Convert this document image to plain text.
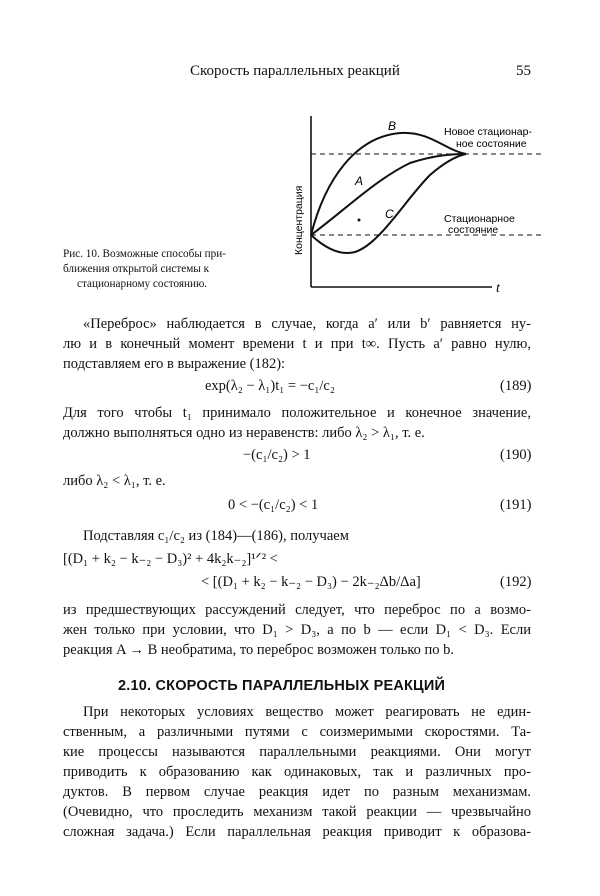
Скорость параллельных реакций	55
Рис. 10. Возможные способы при-
ближения открытой системы к
стационарному состоянию.
B
A
C
Новое стационар-
ное состояние
Стационарное
состояние
Концентрация
t
«Переброс» наблюдается в случае, когда a′ или b′ равняется ну-
лю и в конечный момент времени t и при t∞. Пусть a′ равно нулю,
подставляем его в выражение (182):
exp(λ₂ − λ₁)t₁ = −c₁/c₂	(189)
Для того чтобы t₁ принимало положительное и конечное значение,
должно выполняться одно из неравенств: либо λ₂ > λ₁, т. е.
−(c₁/c₂) > 1	(190)
либо λ₂ < λ₁, т. е.
0 < −(c₁/c₂) < 1	(191)
Подставляя c₁/c₂ из (184)—(186), получаем
[(D₁ + k₂ − k₋₂ − D₃)² + 4k₂k₋₂]¹ᐟ² <
< [(D₁ + k₂ − k₋₂ − D₃) − 2k₋₂Δb/Δa]	(192)
из предшествующих рассуждений следует, что переброс по a возмо-
жен только при условии, что D₁ > D₃, а по b — если D₁ < D₃. Если
реакция A → B необратима, то переброс возможен только по b.
2.10. СКОРОСТЬ ПАРАЛЛЕЛЬНЫХ РЕАКЦИЙ
При некоторых условиях вещество может реагировать не един-
ственным, а различными путями с соизмеримыми скоростями. Та-
кие процессы называются параллельными реакциями. Они могут
приводить к образованию как одинаковых, так и различных про-
дуктов. В первом случае реакция идет по разным механизмам.
(Очевидно, что проследить механизм такой реакции — чрезвычайно
сложная задача.) Если параллельная реакция приводит к образова-
